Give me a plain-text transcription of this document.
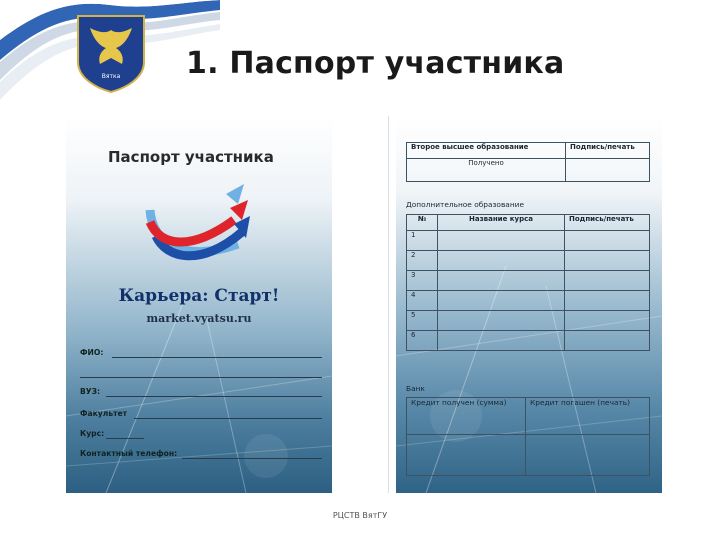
Вятка 1. Паспорт участника
Паспорт участника
Карьера: Старт!
market.vyatsu.ru
ФИО:
ВУЗ:
Факультет
Курс:
Контактный телефон:
Второе высшее образование	Подпись/печать
Получено	
Дополнительное образование
№	Название курса	Подпись/печать
1		
2		
3		
4		
5		
6		
Банк
Кредит получен (сумма)	Кредит погашен (печать)

РЦСТВ ВятГУ
